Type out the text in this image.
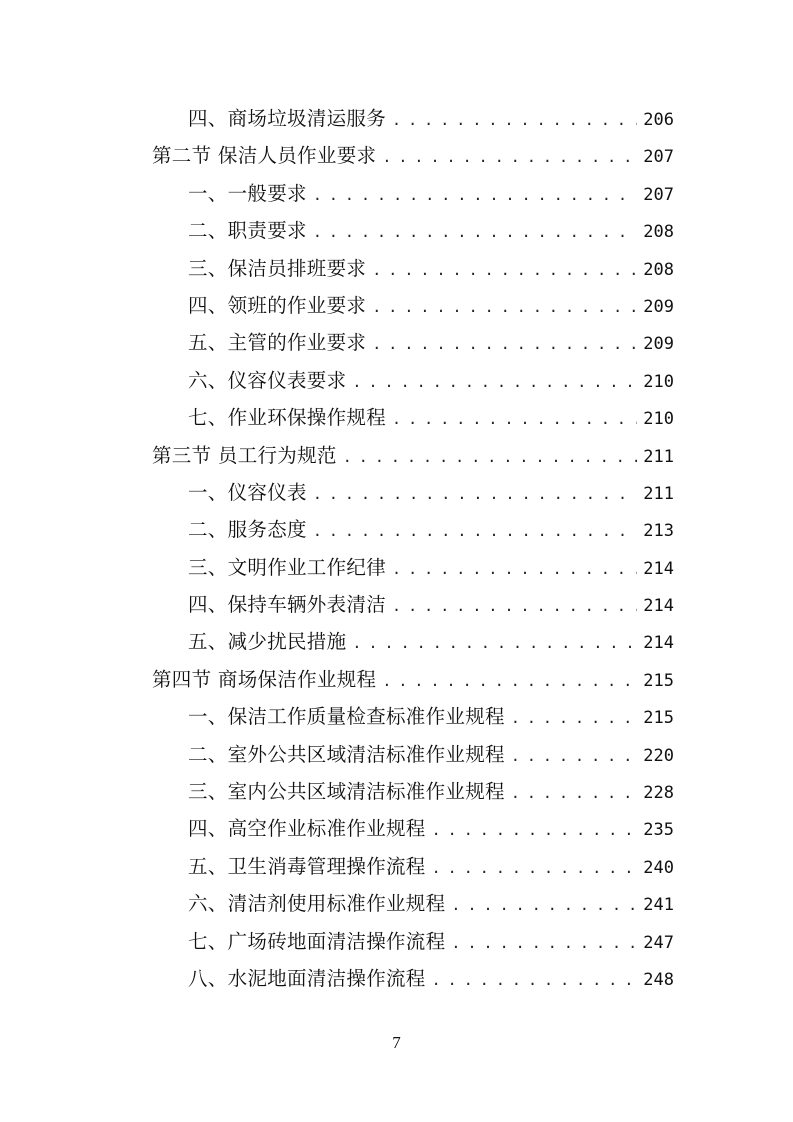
四、商场垃圾清运服务 . . .	206
第二节 保洁人员作业要求 . . .	207
一、一般要求 . . .	207
二、职责要求 . . .	208
三、保洁员排班要求 . . .	208
四、领班的作业要求 . . .	209
五、主管的作业要求 . . .	209
六、仪容仪表要求 . . .	210
七、作业环保操作规程 . . .	210
第三节 员工行为规范 . . .	211
一、仪容仪表 . . .	211
二、服务态度 . . .	213
三、文明作业工作纪律 . . .	214
四、保持车辆外表清洁 . . .	214
五、减少扰民措施 . . .	214
第四节 商场保洁作业规程 . . .	215
一、保洁工作质量检查标准作业规程 . . .	215
二、室外公共区域清洁标准作业规程 . . .	220
三、室内公共区域清洁标准作业规程 . . .	228
四、高空作业标准作业规程 . . .	235
五、卫生消毒管理操作流程 . . .	240
六、清洁剂使用标准作业规程 . . .	241
七、广场砖地面清洁操作流程 . . .	247
八、水泥地面清洁操作流程 . . .	248
7
